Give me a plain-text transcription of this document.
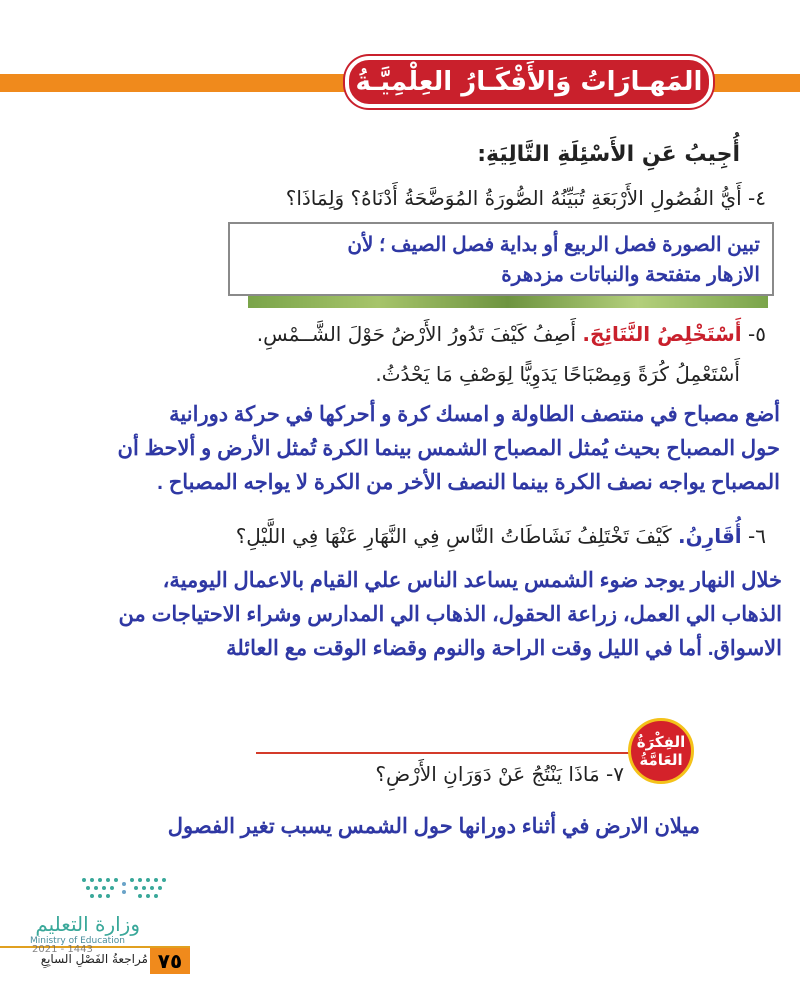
المَهـارَاتُ وَالأَفْكَـارُ العِلْمِيَّـةُ
أُجِيبُ عَنِ الأَسْئِلَةِ التَّالِيَةِ:
٤- أَيُّ الفُصُولِ الأَرْبَعَةِ تُبَيِّنُهُ الصُّورَةُ المُوَضَّحَةُ أَدْنَاهُ؟ وَلِمَاذَا؟
تبين الصورة فصل الربيع أو بداية فصل الصيف ؛ لأن
الازهار متفتحة والنباتات مزدهرة
٥- أَسْتَخْلِصُ النَّتَائِجَ. أَصِفُ كَيْفَ تَدُورُ الأَرْضُ حَوْلَ الشَّــمْسِ.
أَسْتَعْمِلُ كُرَةً وَمِصْبَاحًا يَدَوِيًّا لِوَصْفِ مَا يَحْدُثُ.
أضع مصباح في منتصف الطاولة و امسك كرة و أحركها في حركة دورانية
حول المصباح بحيث يُمثل المصباح الشمس بينما الكرة تُمثل الأرض و ألاحظ أن
المصباح يواجه نصف الكرة بينما النصف الأخر من الكرة لا يواجه المصباح .
٦- أُقَارِنُ. كَيْفَ تَخْتَلِفُ نَشَاطَاتُ النَّاسِ فِي النَّهَارِ عَنْهَا فِي اللَّيْلِ؟
خلال النهار يوجد ضوء الشمس يساعد الناس علي القيام بالاعمال اليومية،
الذهاب الي العمل، زراعة الحقول، الذهاب الي المدارس وشراء الاحتياجات من
الاسواق. أما في الليل وقت الراحة والنوم وقضاء الوقت مع العائلة
الفِكْرَةُ
العَامَّةُ
٧- مَاذَا يَنْتُجُ عَنْ دَوَرَانِ الأَرْضِ؟
ميلان الارض في أثناء دورانها حول الشمس يسبب تغير الفصول
وزارة التعليم
Ministry of Education
2021 - 1443
مُراجعةُ الفَصْلِ السابِعِ ٧٥
